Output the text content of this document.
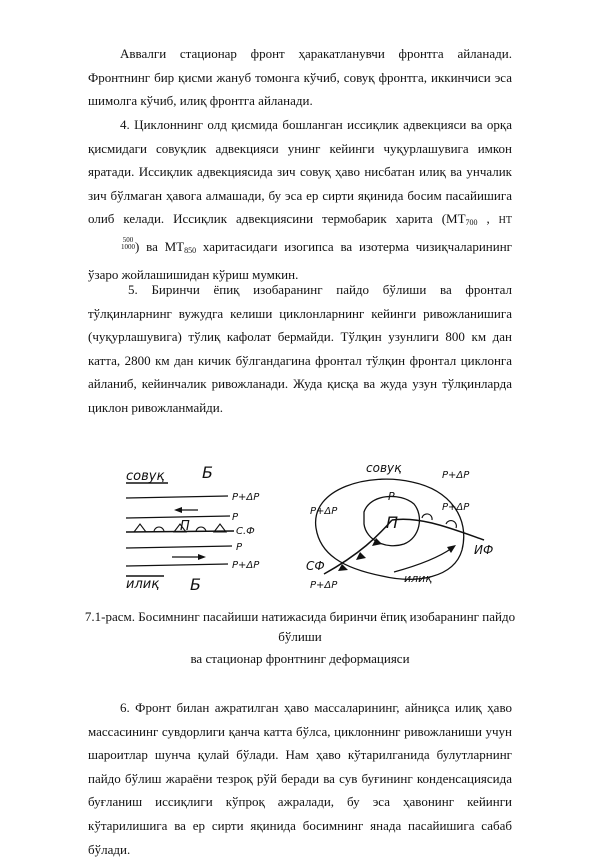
Аввалги стационар фронт ҳаракатланувчи фронтга айланади. Фронтнинг бир қисми жануб томонга кўчиб, совуқ фронтга, иккинчиси эса шимолга кўчиб, илиқ фронтга айланади.

4. Циклоннинг олд қисмида бошланган иссиқлик адвекцияси ва орқа қисмидаги совуқлик адвекцияси унинг кейинги чуқурлашувига имкон яратади. Иссиқлик адвекциясида зич совуқ ҳаво нисбатан илиқ ва унчалик зич бўлмаган ҳавога алмашади, бу эса ер сирти яқинида босим пасайишига олиб келади. Иссиқлик адвекциясини термобарик харита ($МТ_{700}$ , НТ
500
1000 ) ва $МТ_{850}$ харитасидаги изогипса ва изотерма чизиқчаларининг ўзаро жойлашишидан кўриш мумкин.

5. Биринчи ёпиқ изобаранинг пайдо бўлиши ва фронтал тўлқинларнинг вужудга келиши циклонларнинг кейинги ривожланишига (чуқурлашувига) тўлиқ кафолат бермайди. Тўлқин узунлиги 800 км дан катта, 2800 км дан кичик бўлгандагина фронтал тўлқин фронтал циклонга айланиб, кейинчалик ривожланади. Жуда қисқа ва жуда узун тўлқинларда циклон ривожланмайди.

совуқ Б
P+ΔP
P
П	С.Ф
P
P+ΔP
илиқ Б
совуқ
P+ΔP
P+ΔP
P
П
P+ΔP
ИФ
СФ
илиқ
P+ΔP
7.1-расм. Босимнинг пасайиши натижасида биринчи ёпиқ изобаранинг пайдо
бўлиши
ва стационар фронтнинг деформацияси

6. Фронт билан ажратилган ҳаво массаларининг, айниқса илиқ ҳаво массасининг сувдорлиги қанча катта бўлса, циклоннинг ривожланиши учун шароитлар шунча қулай бўлади. Нам ҳаво кўтарилганида булутларнинг пайдо бўлиш жараёни тезроқ рўй беради ва сув буғининг конденсациясида буғланиш иссиқлиги кўпроқ ажралади, бу эса ҳавонинг кейинги кўтарилишига ва ер сирти яқинида босимнинг янада пасайишига сабаб бўлади.
